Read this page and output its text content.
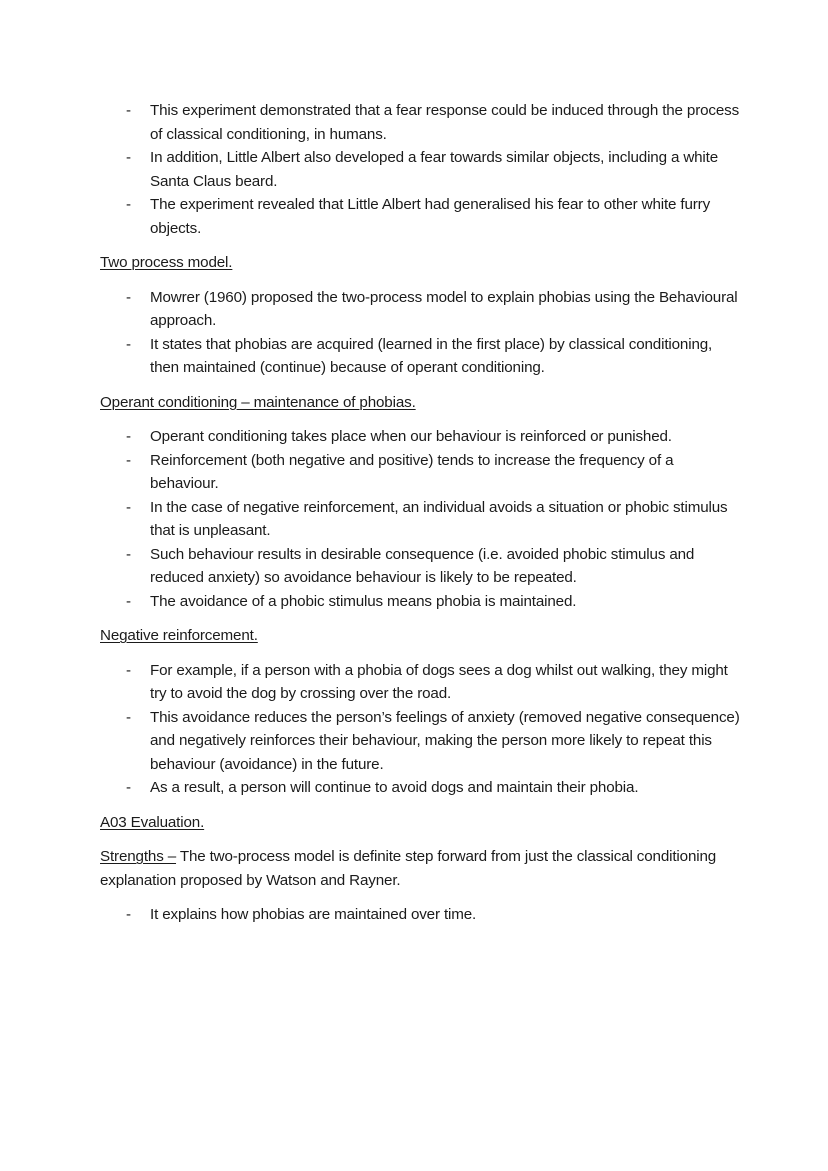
- This experiment demonstrated that a fear response could be induced through the process of classical conditioning, in humans.
- In addition, Little Albert also developed a fear towards similar objects, including a white Santa Claus beard.
- The experiment revealed that Little Albert had generalised his fear to other white furry objects.

Two process model.

- Mowrer (1960) proposed the two-process model to explain phobias using the Behavioural approach.
- It states that phobias are acquired (learned in the first place) by classical conditioning, then maintained (continue) because of operant conditioning.

Operant conditioning – maintenance of phobias.

- Operant conditioning takes place when our behaviour is reinforced or punished.
- Reinforcement (both negative and positive) tends to increase the frequency of a behaviour.
- In the case of negative reinforcement, an individual avoids a situation or phobic stimulus that is unpleasant.
- Such behaviour results in desirable consequence (i.e. avoided phobic stimulus and reduced anxiety) so avoidance behaviour is likely to be repeated.
- The avoidance of a phobic stimulus means phobia is maintained.

Negative reinforcement.

- For example, if a person with a phobia of dogs sees a dog whilst out walking, they might try to avoid the dog by crossing over the road.
- This avoidance reduces the person’s feelings of anxiety (removed negative consequence) and negatively reinforces their behaviour, making the person more likely to repeat this behaviour (avoidance) in the future.
- As a result, a person will continue to avoid dogs and maintain their phobia.

A03 Evaluation.

Strengths – The two-process model is definite step forward from just the classical conditioning explanation proposed by Watson and Rayner.

- It explains how phobias are maintained over time.
